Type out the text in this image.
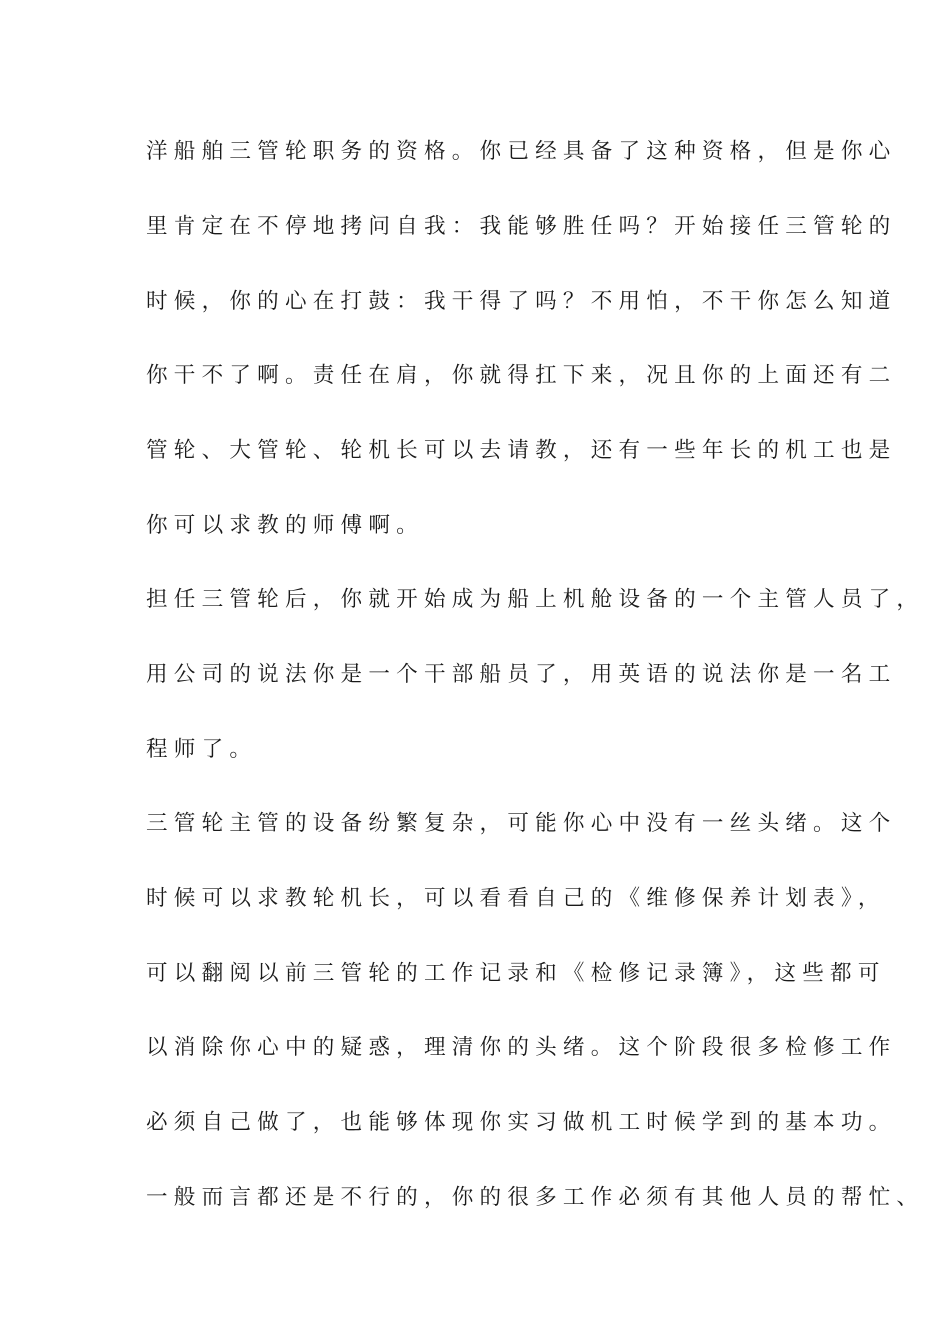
洋船舶三管轮职务的资格。你已经具备了这种资格，但是你心

里肯定在不停地拷问自我：我能够胜任吗？开始接任三管轮的

时候，你的心在打鼓：我干得了吗？不用怕，不干你怎么知道

你干不了啊。责任在肩，你就得扛下来，况且你的上面还有二

管轮、大管轮、轮机长可以去请教，还有一些年长的机工也是

你可以求教的师傅啊。

担任三管轮后，你就开始成为船上机舱设备的一个主管人员了，

用公司的说法你是一个干部船员了，用英语的说法你是一名工

程师了。

三管轮主管的设备纷繁复杂，可能你心中没有一丝头绪。这个

时候可以求教轮机长，可以看看自己的《维修保养计划表》，

可以翻阅以前三管轮的工作记录和《检修记录簿》，这些都可

以消除你心中的疑惑，理清你的头绪。这个阶段很多检修工作

必须自己做了，也能够体现你实习做机工时候学到的基本功。

一般而言都还是不行的，你的很多工作必须有其他人员的帮忙、
